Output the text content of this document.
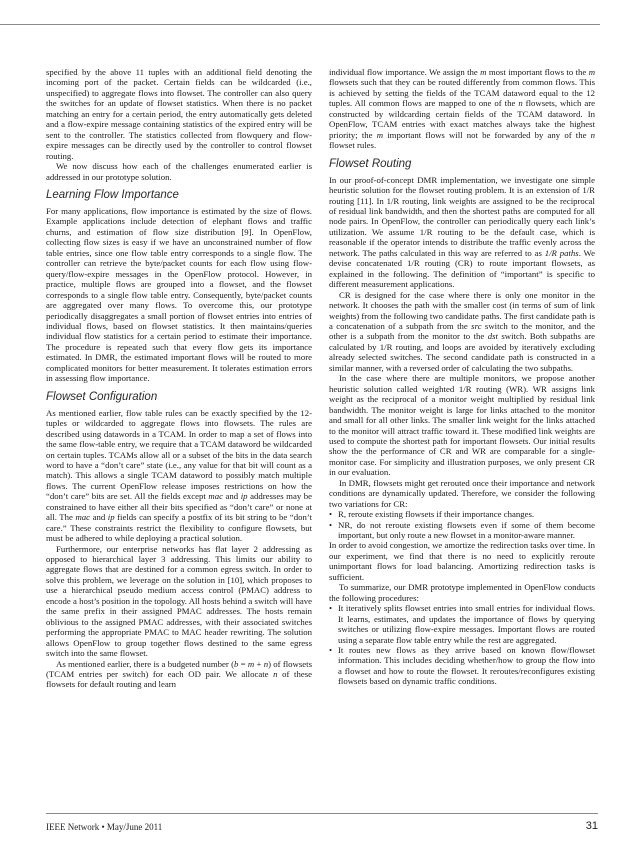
specified by the above 11 tuples with an additional field denoting the incoming port of the packet. Certain fields can be wildcarded (i.e., unspecified) to aggregate flows into flowset. The controller can also query the switches for an update of flowset statistics. When there is no packet matching an entry for a certain period, the entry automatically gets deleted and a flow-expire message containing statistics of the expired entry will be sent to the controller. The statistics collected from flowquery and flow-expire messages can be directly used by the controller to control flowset routing.

We now discuss how each of the challenges enumerated earlier is addressed in our prototype solution.

Learning Flow Importance

For many applications, flow importance is estimated by the size of flows. Example applications include detection of elephant flows and traffic churns, and estimation of flow size distribution [9]. In OpenFlow, collecting flow sizes is easy if we have an unconstrained number of flow table entries, since one flow table entry corresponds to a single flow. The controller can retrieve the byte/packet counts for each flow using flow-query/flow-expire messages in the OpenFlow protocol. However, in practice, multiple flows are grouped into a flowset, and the flowset corresponds to a single flow table entry. Consequently, byte/packet counts are aggregated over many flows. To overcome this, our prototype periodically disaggregates a small portion of flowset entries into entries of individual flows, based on flowset statistics. It then maintains/queries individual flow statistics for a certain period to estimate their importance. The procedure is repeated such that every flow gets its importance estimated. In DMR, the estimated important flows will be routed to more complicated monitors for better measurement. It tolerates estimation errors in assessing flow importance.

Flowset Configuration

As mentioned earlier, flow table rules can be exactly specified by the 12-tuples or wildcarded to aggregate flows into flowsets. The rules are described using datawords in a TCAM. In order to map a set of flows into the same flow-table entry, we require that a TCAM dataword be wildcarded on certain tuples. TCAMs allow all or a subset of the bits in the data search word to have a “don’t care” state (i.e., any value for that bit will count as a match). This allows a single TCAM dataword to possibly match multiple flows. The current OpenFlow release imposes restrictions on how the “don’t care” bits are set. All the fields except mac and ip addresses may be constrained to have either all their bits specified as “don’t care” or none at all. The mac and ip fields can specify a postfix of its bit string to be “don’t care.” These constraints restrict the flexibility to configure flowsets, but must be adhered to while deploying a practical solution.

Furthermore, our enterprise networks has flat layer 2 addressing as opposed to hierarchical layer 3 addressing. This limits our ability to aggregate flows that are destined for a common egress switch. In order to solve this problem, we leverage on the solution in [10], which proposes to use a hierarchical pseudo medium access control (PMAC) address to encode a host’s position in the topology. All hosts behind a switch will have the same prefix in their assigned PMAC addresses. The hosts remain oblivious to the assigned PMAC addresses, with their associated switches performing the appropriate PMAC to MAC header rewriting. The solution allows OpenFlow to group together flows destined to the same egress switch into the same flowset.

As mentioned earlier, there is a budgeted number (b = m + n) of flowsets (TCAM entries per switch) for each OD pair. We allocate n of these flowsets for default routing and learn

individual flow importance. We assign the m most important flows to the m flowsets such that they can be routed differently from common flows. This is achieved by setting the fields of the TCAM dataword equal to the 12 tuples. All common flows are mapped to one of the n flowsets, which are constructed by wildcarding certain fields of the TCAM dataword. In OpenFlow, TCAM entries with exact matches always take the highest priority; the m important flows will not be forwarded by any of the n flowset rules.

Flowset Routing

In our proof-of-concept DMR implementation, we investigate one simple heuristic solution for the flowset routing problem. It is an extension of 1/R routing [11]. In 1/R routing, link weights are assigned to be the reciprocal of residual link bandwidth, and then the shortest paths are computed for all node pairs. In OpenFlow, the controller can periodically query each link’s utilization. We assume 1/R routing to be the default case, which is reasonable if the operator intends to distribute the traffic evenly across the network. The paths calculated in this way are referred to as 1/R paths. We devise concatenated 1/R routing (CR) to route important flowsets, as explained in the following. The definition of “important” is specific to different measurement applications.

CR is designed for the case where there is only one monitor in the network. It chooses the path with the smaller cost (in terms of sum of link weights) from the following two candidate paths. The first candidate path is a concatenation of a subpath from the src switch to the monitor, and the other is a subpath from the monitor to the dst switch. Both subpaths are calculated by 1/R routing, and loops are avoided by iteratively excluding already selected switches. The second candidate path is constructed in a similar manner, with a reversed order of calculating the two subpaths.

In the case where there are multiple monitors, we propose another heuristic solution called weighted 1/R routing (WR). WR assigns link weight as the reciprocal of a monitor weight multiplied by residual link bandwidth. The monitor weight is large for links attached to the monitor and small for all other links. The smaller link weight for the links attached to the monitor will attract traffic toward it. These modified link weights are used to compute the shortest path for important flowsets. Our initial results show the the performance of CR and WR are comparable for a single-monitor case. For simplicity and illustration purposes, we only present CR in our evaluation.

In DMR, flowsets might get rerouted once their importance and network conditions are dynamically updated. Therefore, we consider the following two variations for CR:

• R, reroute existing flowsets if their importance changes.
• NR, do not reroute existing flowsets even if some of them become important, but only route a new flowset in a monitor-aware manner.

In order to avoid congestion, we amortize the redirection tasks over time. In our experiment, we find that there is no need to explicitly reroute unimportant flows for load balancing. Amortizing redirection tasks is sufficient.

To summarize, our DMR prototype implemented in OpenFlow conducts the following procedures:

• It iteratively splits flowset entries into small entries for individual flows. It learns, estimates, and updates the importance of flows by querying switches or utilizing flow-expire messages. Important flows are routed using a separate flow table entry while the rest are aggregated.
• It routes new flows as they arrive based on known flow/flowset information. This includes deciding whether/how to group the flow into a flowset and how to route the flowset. It reroutes/reconfigures existing flowsets based on dynamic traffic conditions.
IEEE Network • May/June 2011	31
